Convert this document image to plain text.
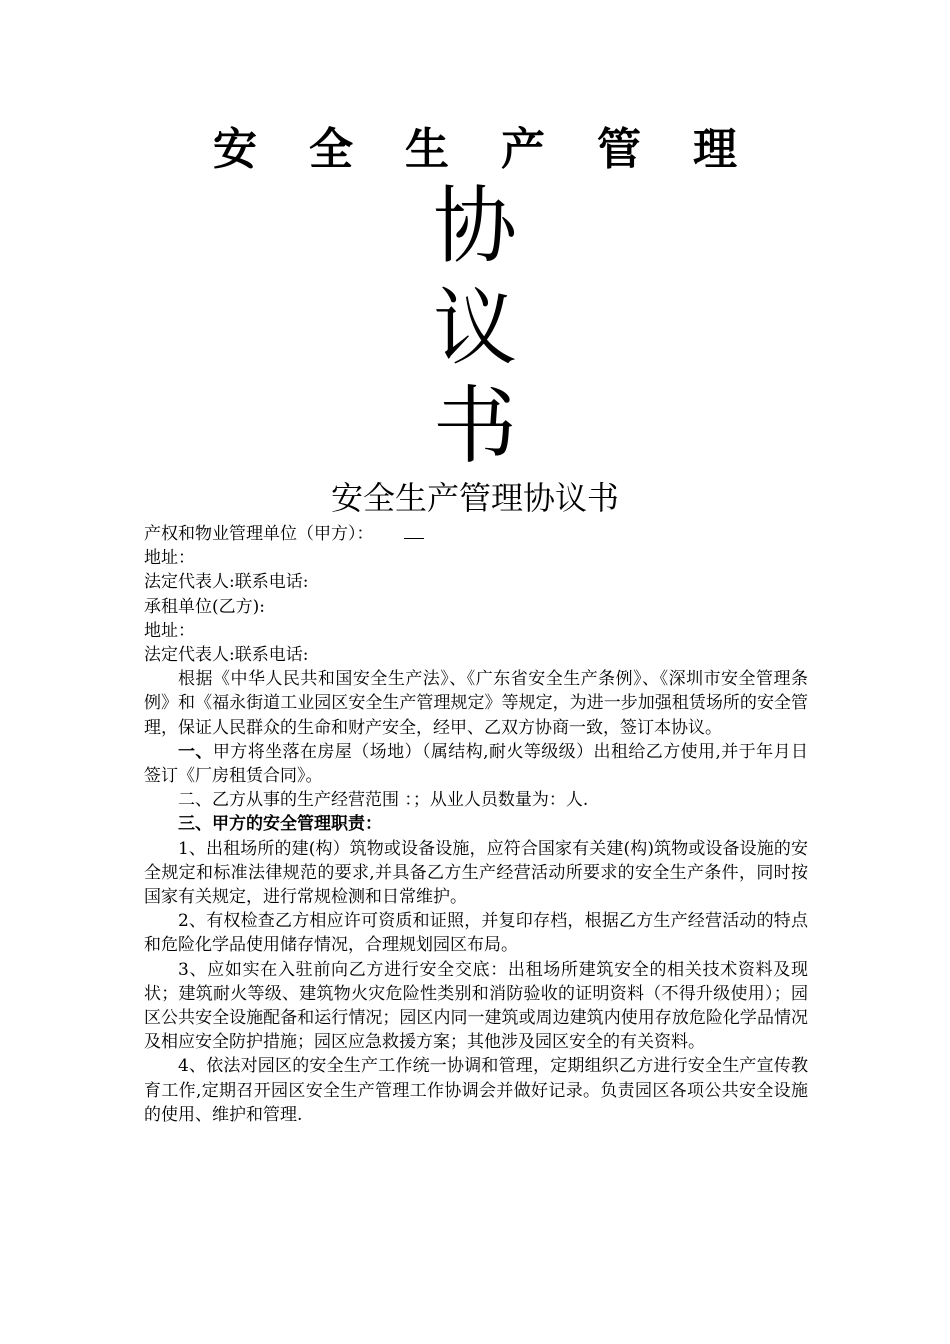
安 全 生 产 管 理
协
议
书
安全生产管理协议书

产权和物业管理单位（甲方）：

地址：

法定代表人:联系电话:

承租单位(乙方):

地址：

法定代表人:联系电话:

根据《中华人民共和国安全生产法》、《广东省安全生产条例》、《深圳市安全管理条例》和《福永街道工业园区安全生产管理规定》等规定，为进一步加强租赁场所的安全管理，保证人民群众的生命和财产安全，经甲、乙双方协商一致，签订本协议。

一、甲方将坐落在房屋（场地）（属结构,耐火等级级）出租给乙方使用,并于年月日签订《厂房租赁合同》。

二、乙方从事的生产经营范围 ：；从业人员数量为：人.

三、甲方的安全管理职责：

1、出租场所的建(构）筑物或设备设施，应符合国家有关建(构)筑物或设备设施的安全规定和标准法律规范的要求,并具备乙方生产经营活动所要求的安全生产条件，同时按国家有关规定，进行常规检测和日常维护。

2、有权检查乙方相应许可资质和证照，并复印存档，根据乙方生产经营活动的特点和危险化学品使用储存情况，合理规划园区布局。

3、应如实在入驻前向乙方进行安全交底：出租场所建筑安全的相关技术资料及现状；建筑耐火等级、建筑物火灾危险性类别和消防验收的证明资料（不得升级使用）；园区公共安全设施配备和运行情况；园区内同一建筑或周边建筑内使用存放危险化学品情况及相应安全防护措施；园区应急救援方案；其他涉及园区安全的有关资料。

4、依法对园区的安全生产工作统一协调和管理，定期组织乙方进行安全生产宣传教育工作,定期召开园区安全生产管理工作协调会并做好记录。负责园区各项公共安全设施的使用、维护和管理.
